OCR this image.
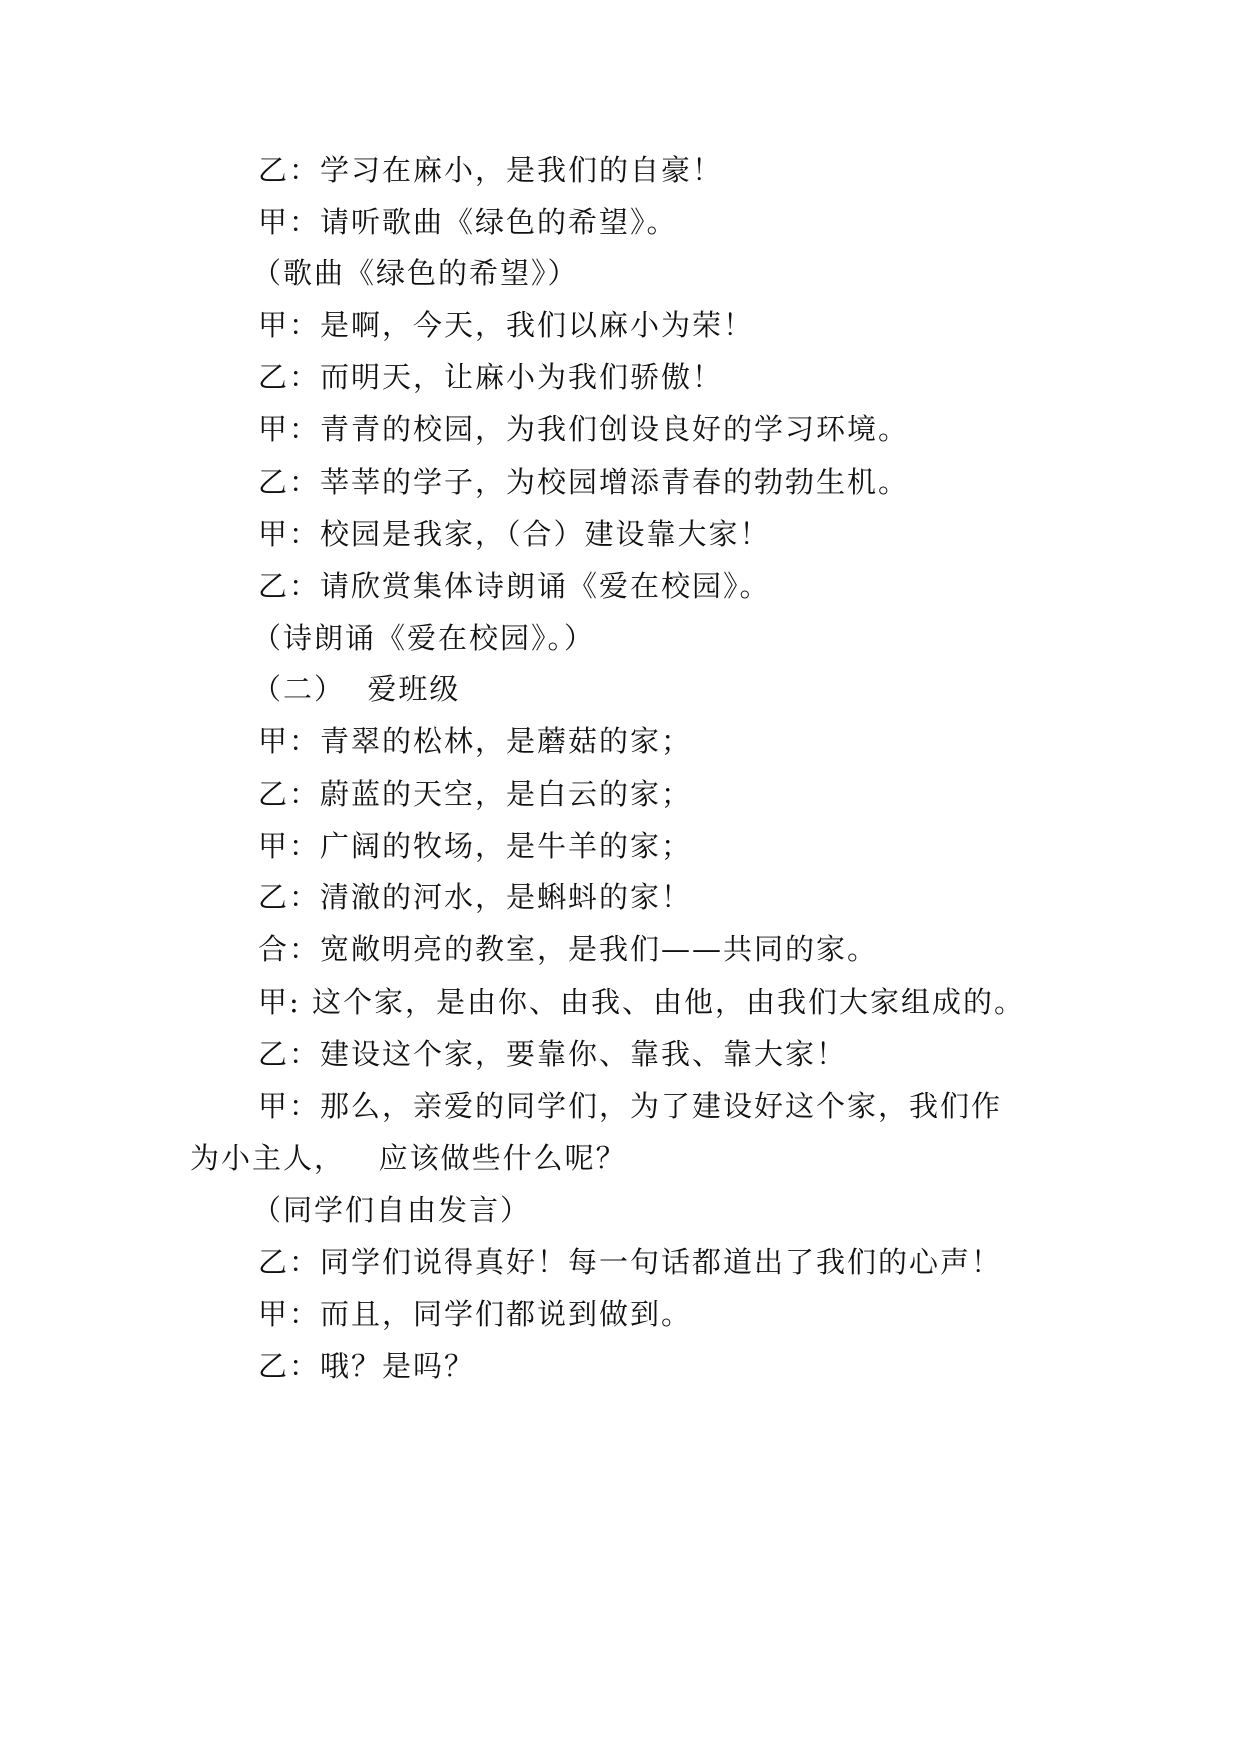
乙：学习在麻小，是我们的自豪！
甲：请听歌曲《绿色的希望》。
（歌曲《绿色的希望》）
甲：是啊，今天，我们以麻小为荣！
乙：而明天，让麻小为我们骄傲！
甲：青青的校园，为我们创设良好的学习环境。
乙：莘莘的学子，为校园增添青春的勃勃生机。
甲：校园是我家，（合）建设靠大家！
乙：请欣赏集体诗朗诵《爱在校园》。
（诗朗诵《爱在校园》。）
（二）  爱班级
甲：青翠的松林，是蘑菇的家；
乙：蔚蓝的天空，是白云的家；
甲：广阔的牧场，是牛羊的家；
乙：清澈的河水，是蝌蚪的家！
合：宽敞明亮的教室，是我们——共同的家。
甲: 这个家，是由你、由我、由他，由我们大家组成的。
乙：建设这个家，要靠你、靠我、靠大家！
甲：那么，亲爱的同学们，为了建设好这个家，我们作
为小主人，   应该做些什么呢？
（同学们自由发言）
乙：同学们说得真好！每一句话都道出了我们的心声！
甲：而且，同学们都说到做到。
乙：哦？是吗？
